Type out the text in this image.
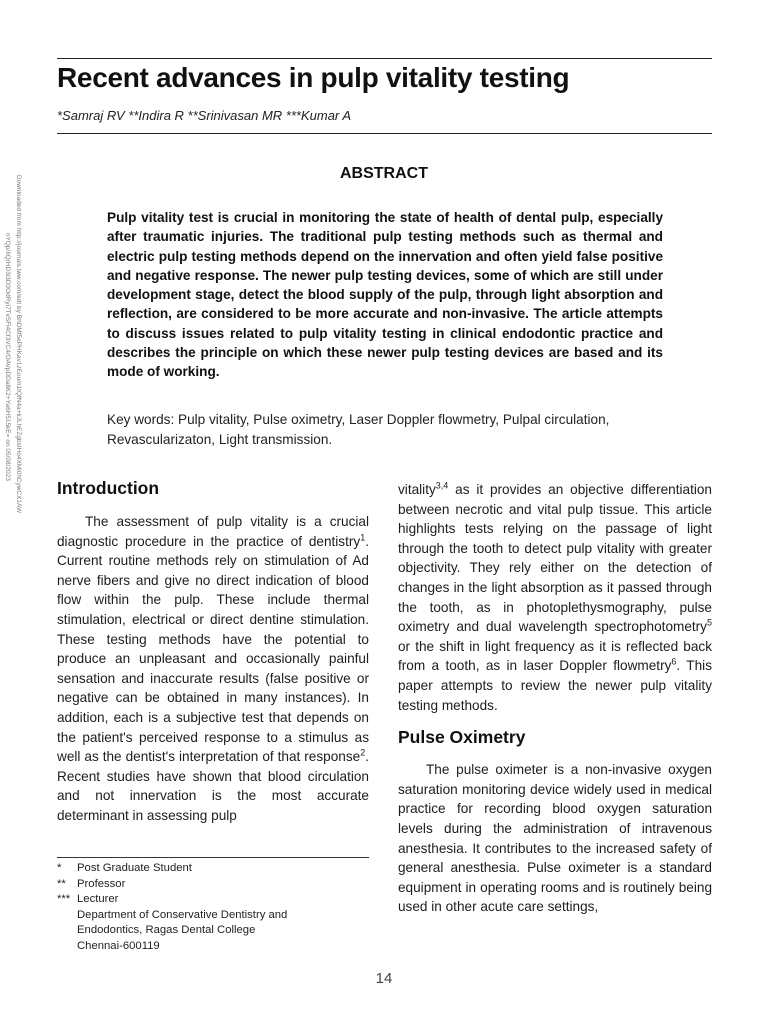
Recent advances in pulp vitality testing
*Samraj RV **Indira R **Srinivasan MR ***Kumar A
Downloaded from http://journals.lww.com/edt by BhDMf5ePHKav1zEoum1tQfN4a+kJLhEZgbsIHo4XMi0hCywCX1AW
nYQp/IlQrHD3i3D0OdRyi7TvSFl4Cf3VC4/OAVpDDa8K2+Ya6H515kE= on 05/08/2023
ABSTRACT

Pulp vitality test is crucial in monitoring the state of health of dental pulp, especially after traumatic injuries. The traditional pulp testing methods such as thermal and electric pulp testing methods depend on the innervation and often yield false positive and negative response. The newer pulp testing devices, some of which are still under development stage, detect the blood supply of the pulp, through light absorption and reflection, are considered to be more accurate and non-invasive. The article attempts to discuss issues related to pulp vitality testing in clinical endodontic practice and describes the principle on which these newer pulp testing devices are based and its mode of working.

Key words: Pulp vitality, Pulse oximetry, Laser Doppler flowmetry, Pulpal circulation, Revascularizaton, Light transmission.

Introduction

The assessment of pulp vitality is a crucial diagnostic procedure in the practice of dentistry$^1$. Current routine methods rely on stimulation of Ad nerve fibers and give no direct indication of blood flow within the pulp. These include thermal stimulation, electrical or direct dentine stimulation. These testing methods have the potential to produce an unpleasant and occasionally painful sensation and inaccurate results (false positive or negative can be obtained in many instances). In addition, each is a subjective test that depends on the patient's perceived response to a stimulus as well as the dentist's interpretation of that response$^2$. Recent studies have shown that blood circulation and not innervation is the most accurate determinant in assessing pulp

vitality$^{3,4}$ as it provides an objective differentiation between necrotic and vital pulp tissue. This article highlights tests relying on the passage of light through the tooth to detect pulp vitality with greater objectivity. They rely either on the detection of changes in the light absorption as it passed through the tooth, as in photoplethysmography, pulse oximetry and dual wavelength spectrophotometry$^5$ or the shift in light frequency as it is reflected back from a tooth, as in laser Doppler flowmetry$^6$. This paper attempts to review the newer pulp vitality testing methods.

Pulse Oximetry

The pulse oximeter is a non-invasive oxygen saturation monitoring device widely used in medical practice for recording blood oxygen saturation levels during the administration of intravenous anesthesia. It contributes to the increased safety of general anesthesia. Pulse oximeter is a standard equipment in operating rooms and is routinely being used in other acute care settings,

*	Post Graduate Student
** Professor
*** Lecturer
Department of Conservative Dentistry and
Endodontics, Ragas Dental College
Chennai-600119
14
